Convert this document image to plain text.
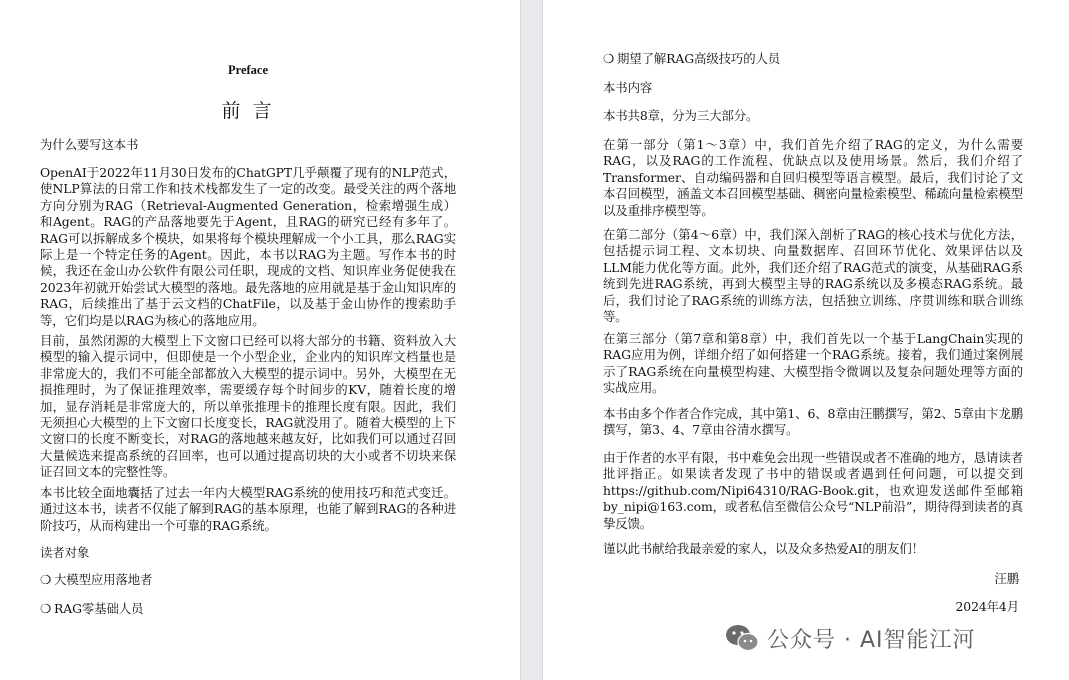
Preface
前 言

为什么要写这本书

OpenAI于2022年11月30日发布的ChatGPT几乎颠覆了现有的NLP范式，使NLP算法的日常工作和技术栈都发生了一定的改变。最受关注的两个落地方向分别为RAG（Retrieval-Augmented Generation，检索增强生成）和Agent。RAG的产品落地要先于Agent，且RAG的研究已经有多年了。RAG可以拆解成多个模块，如果将每个模块理解成一个小工具，那么RAG实际上是一个特定任务的Agent。因此，本书以RAG为主题。写作本书的时候，我还在金山办公软件有限公司任职，现成的文档、知识库业务促使我在2023年初就开始尝试大模型的落地。最先落地的应用就是基于金山知识库的RAG，后续推出了基于云文档的ChatFile，以及基于金山协作的搜索助手等，它们均是以RAG为核心的落地应用。

目前，虽然闭源的大模型上下文窗口已经可以将大部分的书籍、资料放入大模型的输入提示词中，但即使是一个小型企业，企业内的知识库文档量也是非常庞大的，我们不可能全部都放入大模型的提示词中。另外，大模型在无损推理时，为了保证推理效率，需要缓存每个时间步的KV，随着长度的增加，显存消耗是非常庞大的，所以单张推理卡的推理长度有限。因此，我们无须担心大模型的上下文窗口长度变长，RAG就没用了。随着大模型的上下文窗口的长度不断变长，对RAG的落地越来越友好，比如我们可以通过召回大量候选来提高系统的召回率，也可以通过提高切块的大小或者不切块来保证召回文本的完整性等。

本书比较全面地囊括了过去一年内大模型RAG系统的使用技巧和范式变迁。通过这本书，读者不仅能了解到RAG的基本原理，也能了解到RAG的各种进阶技巧，从而构建出一个可靠的RAG系统。

读者对象

❍ 大模型应用落地者

❍ RAG零基础人员

❍ 期望了解RAG高级技巧的人员

本书内容

本书共8章，分为三大部分。

在第一部分（第1～3章）中，我们首先介绍了RAG的定义，为什么需要RAG，以及RAG的工作流程、优缺点以及使用场景。然后，我们介绍了Transformer、自动编码器和自回归模型等语言模型。最后，我们讨论了文本召回模型，涵盖文本召回模型基础、稠密向量检索模型、稀疏向量检索模型以及重排序模型等。

在第二部分（第4～6章）中，我们深入剖析了RAG的核心技术与优化方法，包括提示词工程、文本切块、向量数据库、召回环节优化、效果评估以及LLM能力优化等方面。此外，我们还介绍了RAG范式的演变，从基础RAG系统到先进RAG系统，再到大模型主导的RAG系统以及多模态RAG系统。最后，我们讨论了RAG系统的训练方法，包括独立训练、序贯训练和联合训练等。

在第三部分（第7章和第8章）中，我们首先以一个基于LangChain实现的RAG应用为例，详细介绍了如何搭建一个RAG系统。接着，我们通过案例展示了RAG系统在向量模型构建、大模型指令微调以及复杂问题处理等方面的实战应用。

本书由多个作者合作完成，其中第1、6、8章由汪鹏撰写，第2、5章由卞龙鹏撰写，第3、4、7章由谷清水撰写。

由于作者的水平有限，书中难免会出现一些错误或者不准确的地方，恳请读者批评指正。如果读者发现了书中的错误或者遇到任何问题，可以提交到https://github.com/Nipi64310/RAG-Book.git，也欢迎发送邮件至邮箱by_nipi@163.com，或者私信至微信公众号“NLP前沿”，期待得到读者的真挚反馈。

谨以此书献给我最亲爱的家人，以及众多热爱AI的朋友们！

汪鹏

2024年4月

公众号 · AI智能江河
